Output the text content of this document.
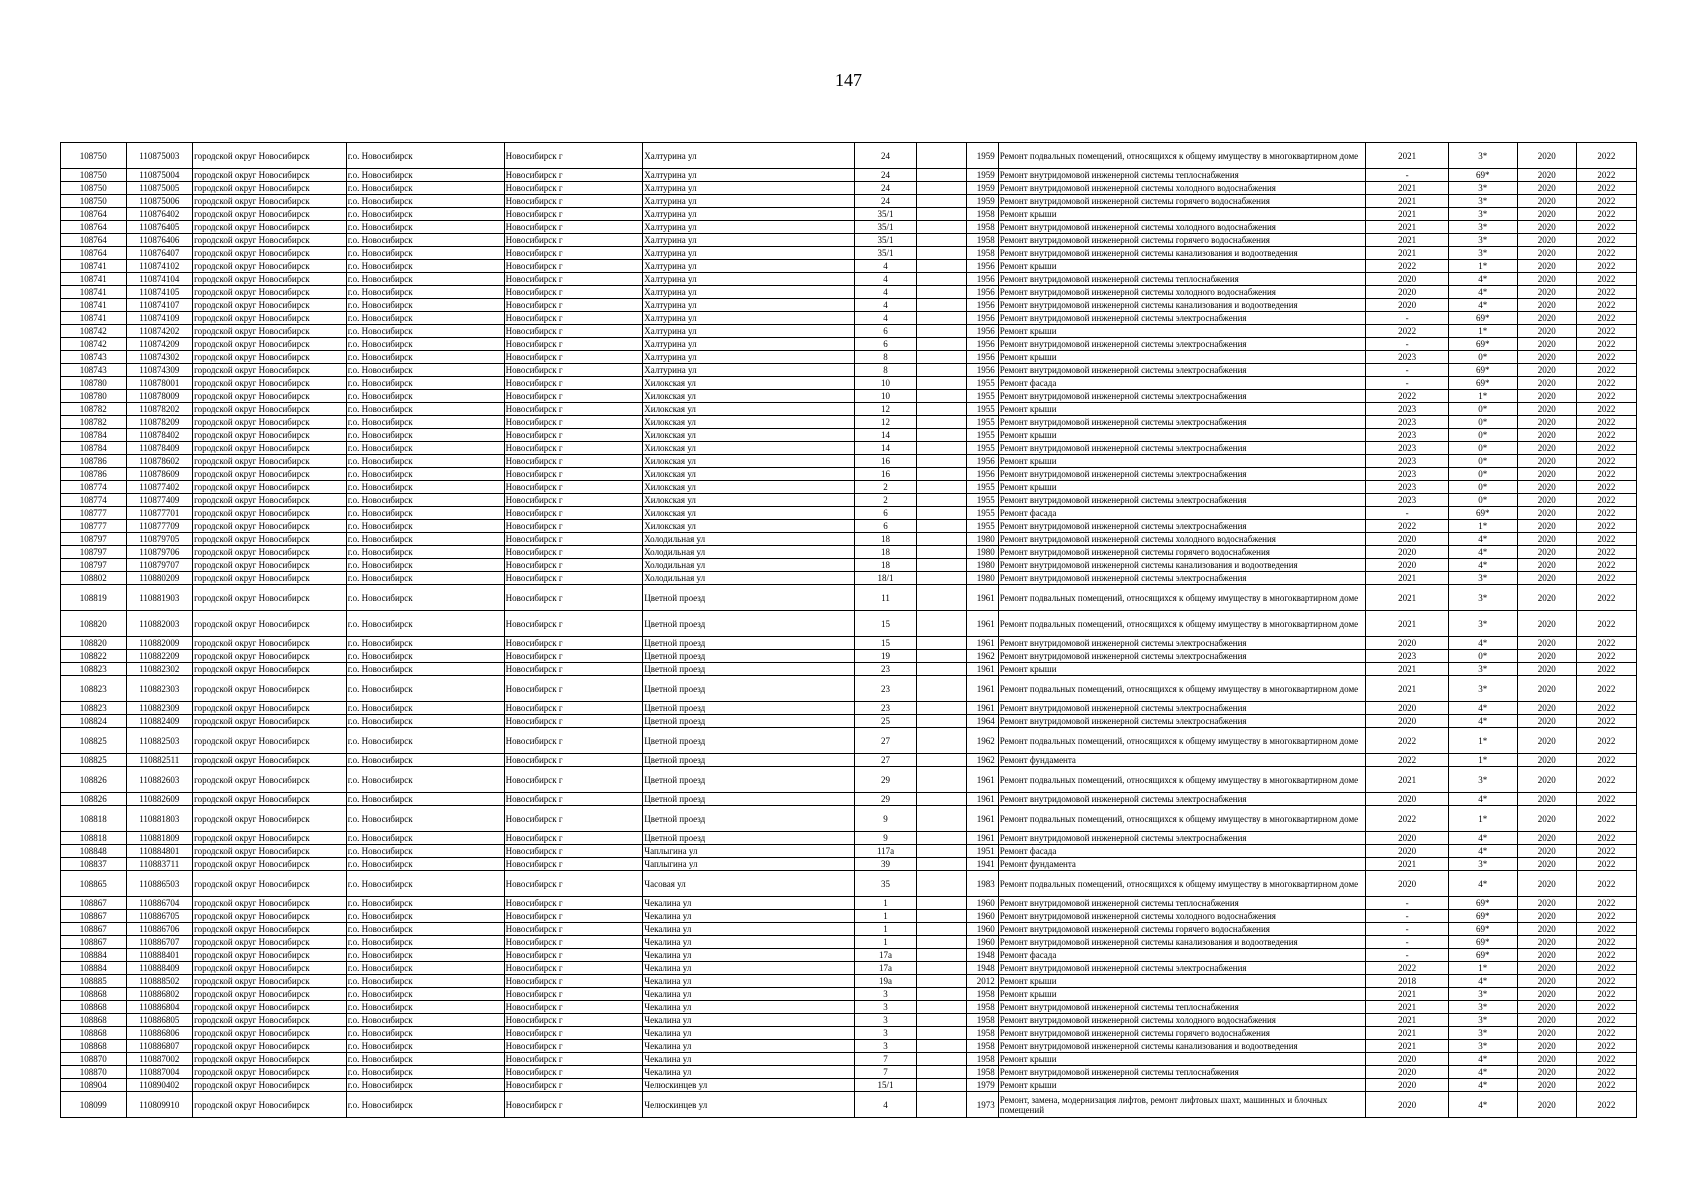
147
108750	110875003	городской округ Новосибирск	г.о. Новосибирск	Новосибирск г	Халтурина ул	24		1959	Ремонт подвальных помещений, относящихся к общему имуществу в многоквартирном доме	2021	3*	2020	2022
108750	110875004	городской округ Новосибирск	г.о. Новосибирск	Новосибирск г	Халтурина ул	24		1959	Ремонт внутридомовой инженерной системы теплоснабжения	-	69*	2020	2022
108750	110875005	городской округ Новосибирск	г.о. Новосибирск	Новосибирск г	Халтурина ул	24		1959	Ремонт внутридомовой инженерной системы холодного водоснабжения	2021	3*	2020	2022
108750	110875006	городской округ Новосибирск	г.о. Новосибирск	Новосибирск г	Халтурина ул	24		1959	Ремонт внутридомовой инженерной системы горячего водоснабжения	2021	3*	2020	2022
108764	110876402	городской округ Новосибирск	г.о. Новосибирск	Новосибирск г	Халтурина ул	35/1		1958	Ремонт крыши	2021	3*	2020	2022
108764	110876405	городской округ Новосибирск	г.о. Новосибирск	Новосибирск г	Халтурина ул	35/1		1958	Ремонт внутридомовой инженерной системы холодного водоснабжения	2021	3*	2020	2022
108764	110876406	городской округ Новосибирск	г.о. Новосибирск	Новосибирск г	Халтурина ул	35/1		1958	Ремонт внутридомовой инженерной системы горячего водоснабжения	2021	3*	2020	2022
108764	110876407	городской округ Новосибирск	г.о. Новосибирск	Новосибирск г	Халтурина ул	35/1		1958	Ремонт внутридомовой инженерной системы канализования и водоотведения	2021	3*	2020	2022
108741	110874102	городской округ Новосибирск	г.о. Новосибирск	Новосибирск г	Халтурина ул	4		1956	Ремонт крыши	2022	1*	2020	2022
108741	110874104	городской округ Новосибирск	г.о. Новосибирск	Новосибирск г	Халтурина ул	4		1956	Ремонт внутридомовой инженерной системы теплоснабжения	2020	4*	2020	2022
108741	110874105	городской округ Новосибирск	г.о. Новосибирск	Новосибирск г	Халтурина ул	4		1956	Ремонт внутридомовой инженерной системы холодного водоснабжения	2020	4*	2020	2022
108741	110874107	городской округ Новосибирск	г.о. Новосибирск	Новосибирск г	Халтурина ул	4		1956	Ремонт внутридомовой инженерной системы канализования и водоотведения	2020	4*	2020	2022
108741	110874109	городской округ Новосибирск	г.о. Новосибирск	Новосибирск г	Халтурина ул	4		1956	Ремонт внутридомовой инженерной системы электроснабжения	-	69*	2020	2022
108742	110874202	городской округ Новосибирск	г.о. Новосибирск	Новосибирск г	Халтурина ул	6		1956	Ремонт крыши	2022	1*	2020	2022
108742	110874209	городской округ Новосибирск	г.о. Новосибирск	Новосибирск г	Халтурина ул	6		1956	Ремонт внутридомовой инженерной системы электроснабжения	-	69*	2020	2022
108743	110874302	городской округ Новосибирск	г.о. Новосибирск	Новосибирск г	Халтурина ул	8		1956	Ремонт крыши	2023	0*	2020	2022
108743	110874309	городской округ Новосибирск	г.о. Новосибирск	Новосибирск г	Халтурина ул	8		1956	Ремонт внутридомовой инженерной системы электроснабжения	-	69*	2020	2022
108780	110878001	городской округ Новосибирск	г.о. Новосибирск	Новосибирск г	Хилокская ул	10		1955	Ремонт фасада	-	69*	2020	2022
108780	110878009	городской округ Новосибирск	г.о. Новосибирск	Новосибирск г	Хилокская ул	10		1955	Ремонт внутридомовой инженерной системы электроснабжения	2022	1*	2020	2022
108782	110878202	городской округ Новосибирск	г.о. Новосибирск	Новосибирск г	Хилокская ул	12		1955	Ремонт крыши	2023	0*	2020	2022
108782	110878209	городской округ Новосибирск	г.о. Новосибирск	Новосибирск г	Хилокская ул	12		1955	Ремонт внутридомовой инженерной системы электроснабжения	2023	0*	2020	2022
108784	110878402	городской округ Новосибирск	г.о. Новосибирск	Новосибирск г	Хилокская ул	14		1955	Ремонт крыши	2023	0*	2020	2022
108784	110878409	городской округ Новосибирск	г.о. Новосибирск	Новосибирск г	Хилокская ул	14		1955	Ремонт внутридомовой инженерной системы электроснабжения	2023	0*	2020	2022
108786	110878602	городской округ Новосибирск	г.о. Новосибирск	Новосибирск г	Хилокская ул	16		1956	Ремонт крыши	2023	0*	2020	2022
108786	110878609	городской округ Новосибирск	г.о. Новосибирск	Новосибирск г	Хилокская ул	16		1956	Ремонт внутридомовой инженерной системы электроснабжения	2023	0*	2020	2022
108774	110877402	городской округ Новосибирск	г.о. Новосибирск	Новосибирск г	Хилокская ул	2		1955	Ремонт крыши	2023	0*	2020	2022
108774	110877409	городской округ Новосибирск	г.о. Новосибирск	Новосибирск г	Хилокская ул	2		1955	Ремонт внутридомовой инженерной системы электроснабжения	2023	0*	2020	2022
108777	110877701	городской округ Новосибирск	г.о. Новосибирск	Новосибирск г	Хилокская ул	6		1955	Ремонт фасада	-	69*	2020	2022
108777	110877709	городской округ Новосибирск	г.о. Новосибирск	Новосибирск г	Хилокская ул	6		1955	Ремонт внутридомовой инженерной системы электроснабжения	2022	1*	2020	2022
108797	110879705	городской округ Новосибирск	г.о. Новосибирск	Новосибирск г	Холодильная ул	18		1980	Ремонт внутридомовой инженерной системы холодного водоснабжения	2020	4*	2020	2022
108797	110879706	городской округ Новосибирск	г.о. Новосибирск	Новосибирск г	Холодильная ул	18		1980	Ремонт внутридомовой инженерной системы горячего водоснабжения	2020	4*	2020	2022
108797	110879707	городской округ Новосибирск	г.о. Новосибирск	Новосибирск г	Холодильная ул	18		1980	Ремонт внутридомовой инженерной системы канализования и водоотведения	2020	4*	2020	2022
108802	110880209	городской округ Новосибирск	г.о. Новосибирск	Новосибирск г	Холодильная ул	18/1		1980	Ремонт внутридомовой инженерной системы электроснабжения	2021	3*	2020	2022
108819	110881903	городской округ Новосибирск	г.о. Новосибирск	Новосибирск г	Цветной проезд	11		1961	Ремонт подвальных помещений, относящихся к общему имуществу в многоквартирном доме	2021	3*	2020	2022
108820	110882003	городской округ Новосибирск	г.о. Новосибирск	Новосибирск г	Цветной проезд	15		1961	Ремонт подвальных помещений, относящихся к общему имуществу в многоквартирном доме	2021	3*	2020	2022
108820	110882009	городской округ Новосибирск	г.о. Новосибирск	Новосибирск г	Цветной проезд	15		1961	Ремонт внутридомовой инженерной системы электроснабжения	2020	4*	2020	2022
108822	110882209	городской округ Новосибирск	г.о. Новосибирск	Новосибирск г	Цветной проезд	19		1962	Ремонт внутридомовой инженерной системы электроснабжения	2023	0*	2020	2022
108823	110882302	городской округ Новосибирск	г.о. Новосибирск	Новосибирск г	Цветной проезд	23		1961	Ремонт крыши	2021	3*	2020	2022
108823	110882303	городской округ Новосибирск	г.о. Новосибирск	Новосибирск г	Цветной проезд	23		1961	Ремонт подвальных помещений, относящихся к общему имуществу в многоквартирном доме	2021	3*	2020	2022
108823	110882309	городской округ Новосибирск	г.о. Новосибирск	Новосибирск г	Цветной проезд	23		1961	Ремонт внутридомовой инженерной системы электроснабжения	2020	4*	2020	2022
108824	110882409	городской округ Новосибирск	г.о. Новосибирск	Новосибирск г	Цветной проезд	25		1964	Ремонт внутридомовой инженерной системы электроснабжения	2020	4*	2020	2022
108825	110882503	городской округ Новосибирск	г.о. Новосибирск	Новосибирск г	Цветной проезд	27		1962	Ремонт подвальных помещений, относящихся к общему имуществу в многоквартирном доме	2022	1*	2020	2022
108825	110882511	городской округ Новосибирск	г.о. Новосибирск	Новосибирск г	Цветной проезд	27		1962	Ремонт фундамента	2022	1*	2020	2022
108826	110882603	городской округ Новосибирск	г.о. Новосибирск	Новосибирск г	Цветной проезд	29		1961	Ремонт подвальных помещений, относящихся к общему имуществу в многоквартирном доме	2021	3*	2020	2022
108826	110882609	городской округ Новосибирск	г.о. Новосибирск	Новосибирск г	Цветной проезд	29		1961	Ремонт внутридомовой инженерной системы электроснабжения	2020	4*	2020	2022
108818	110881803	городской округ Новосибирск	г.о. Новосибирск	Новосибирск г	Цветной проезд	9		1961	Ремонт подвальных помещений, относящихся к общему имуществу в многоквартирном доме	2022	1*	2020	2022
108818	110881809	городской округ Новосибирск	г.о. Новосибирск	Новосибирск г	Цветной проезд	9		1961	Ремонт внутридомовой инженерной системы электроснабжения	2020	4*	2020	2022
108848	110884801	городской округ Новосибирск	г.о. Новосибирск	Новосибирск г	Чаплыгина ул	117а		1951	Ремонт фасада	2020	4*	2020	2022
108837	110883711	городской округ Новосибирск	г.о. Новосибирск	Новосибирск г	Чаплыгина ул	39		1941	Ремонт фундамента	2021	3*	2020	2022
108865	110886503	городской округ Новосибирск	г.о. Новосибирск	Новосибирск г	Часовая ул	35		1983	Ремонт подвальных помещений, относящихся к общему имуществу в многоквартирном доме	2020	4*	2020	2022
108867	110886704	городской округ Новосибирск	г.о. Новосибирск	Новосибирск г	Чекалина ул	1		1960	Ремонт внутридомовой инженерной системы теплоснабжения	-	69*	2020	2022
108867	110886705	городской округ Новосибирск	г.о. Новосибирск	Новосибирск г	Чекалина ул	1		1960	Ремонт внутридомовой инженерной системы холодного водоснабжения	-	69*	2020	2022
108867	110886706	городской округ Новосибирск	г.о. Новосибирск	Новосибирск г	Чекалина ул	1		1960	Ремонт внутридомовой инженерной системы горячего водоснабжения	-	69*	2020	2022
108867	110886707	городской округ Новосибирск	г.о. Новосибирск	Новосибирск г	Чекалина ул	1		1960	Ремонт внутридомовой инженерной системы канализования и водоотведения	-	69*	2020	2022
108884	110888401	городской округ Новосибирск	г.о. Новосибирск	Новосибирск г	Чекалина ул	17а		1948	Ремонт фасада	-	69*	2020	2022
108884	110888409	городской округ Новосибирск	г.о. Новосибирск	Новосибирск г	Чекалина ул	17а		1948	Ремонт внутридомовой инженерной системы электроснабжения	2022	1*	2020	2022
108885	110888502	городской округ Новосибирск	г.о. Новосибирск	Новосибирск г	Чекалина ул	19а		2012	Ремонт крыши	2018	4*	2020	2022
108868	110886802	городской округ Новосибирск	г.о. Новосибирск	Новосибирск г	Чекалина ул	3		1958	Ремонт крыши	2021	3*	2020	2022
108868	110886804	городской округ Новосибирск	г.о. Новосибирск	Новосибирск г	Чекалина ул	3		1958	Ремонт внутридомовой инженерной системы теплоснабжения	2021	3*	2020	2022
108868	110886805	городской округ Новосибирск	г.о. Новосибирск	Новосибирск г	Чекалина ул	3		1958	Ремонт внутридомовой инженерной системы холодного водоснабжения	2021	3*	2020	2022
108868	110886806	городской округ Новосибирск	г.о. Новосибирск	Новосибирск г	Чекалина ул	3		1958	Ремонт внутридомовой инженерной системы горячего водоснабжения	2021	3*	2020	2022
108868	110886807	городской округ Новосибирск	г.о. Новосибирск	Новосибирск г	Чекалина ул	3		1958	Ремонт внутридомовой инженерной системы канализования и водоотведения	2021	3*	2020	2022
108870	110887002	городской округ Новосибирск	г.о. Новосибирск	Новосибирск г	Чекалина ул	7		1958	Ремонт крыши	2020	4*	2020	2022
108870	110887004	городской округ Новосибирск	г.о. Новосибирск	Новосибирск г	Чекалина ул	7		1958	Ремонт внутридомовой инженерной системы теплоснабжения	2020	4*	2020	2022
108904	110890402	городской округ Новосибирск	г.о. Новосибирск	Новосибирск г	Челюскинцев ул	15/1		1979	Ремонт крыши	2020	4*	2020	2022
108099	110809910	городской округ Новосибирск	г.о. Новосибирск	Новосибирск г	Челюскинцев ул	4		1973	Ремонт, замена, модернизация лифтов, ремонт лифтовых шахт, машинных и блочных помещений	2020	4*	2020	2022
